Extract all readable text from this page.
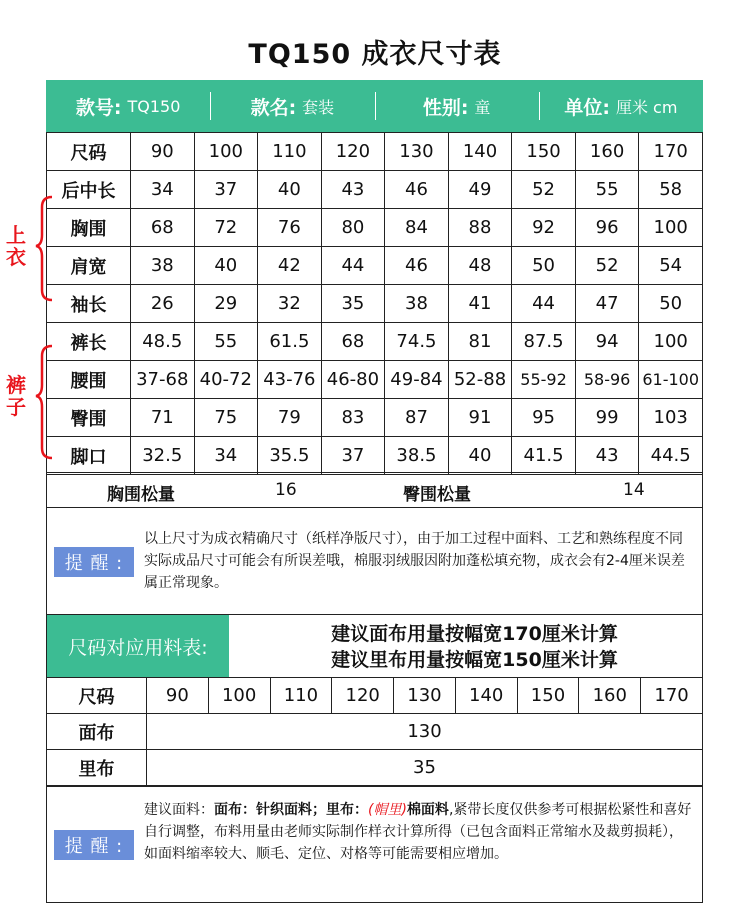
TQ150 成衣尺寸表
款号: TQ150	款名: 套装	性别: 童	单位: 厘米 cm
尺码	90	100	110	120	130	140	150	160	170
后中长	34	37	40	43	46	49	52	55	58
胸围	68	72	76	80	84	88	92	96	100
肩宽	38	40	42	44	46	48	50	52	54
袖长	26	29	32	35	38	41	44	47	50
裤长	48.5	55	61.5	68	74.5	81	87.5	94	100
腰围	37-68	40-72	43-76	46-80	49-84	52-88	55-92	58-96	61-100
臀围	71	75	79	83	87	91	95	99	103
脚口	32.5	34	35.5	37	38.5	40	41.5	43	44.5
上衣
裤子
胸围松量	16	臀围松量	14
提 醒 :
以上尺寸为成衣精确尺寸（纸样净版尺寸），由于加工过程中面料、工艺和熟练程度不同实际成品尺寸可能会有所误差哦，棉服羽绒服因附加蓬松填充物，成衣会有2-4厘米误差属正常现象。
尺码对应用料表:
建议面布用量按幅宽170厘米计算
建议里布用量按幅宽150厘米计算
尺码	90	100	110	120	130	140	150	160	170
面布	130								
里布	35								
提 醒 :
建议面料：面布：针织面料；里布：(帽里)棉面料,紧带长度仅供参考可根据松紧性和喜好自行调整，布料用量由老师实际制作样衣计算所得（已包含面料正常缩水及裁剪损耗），如面料缩率较大、顺毛、定位、对格等可能需要相应增加。
